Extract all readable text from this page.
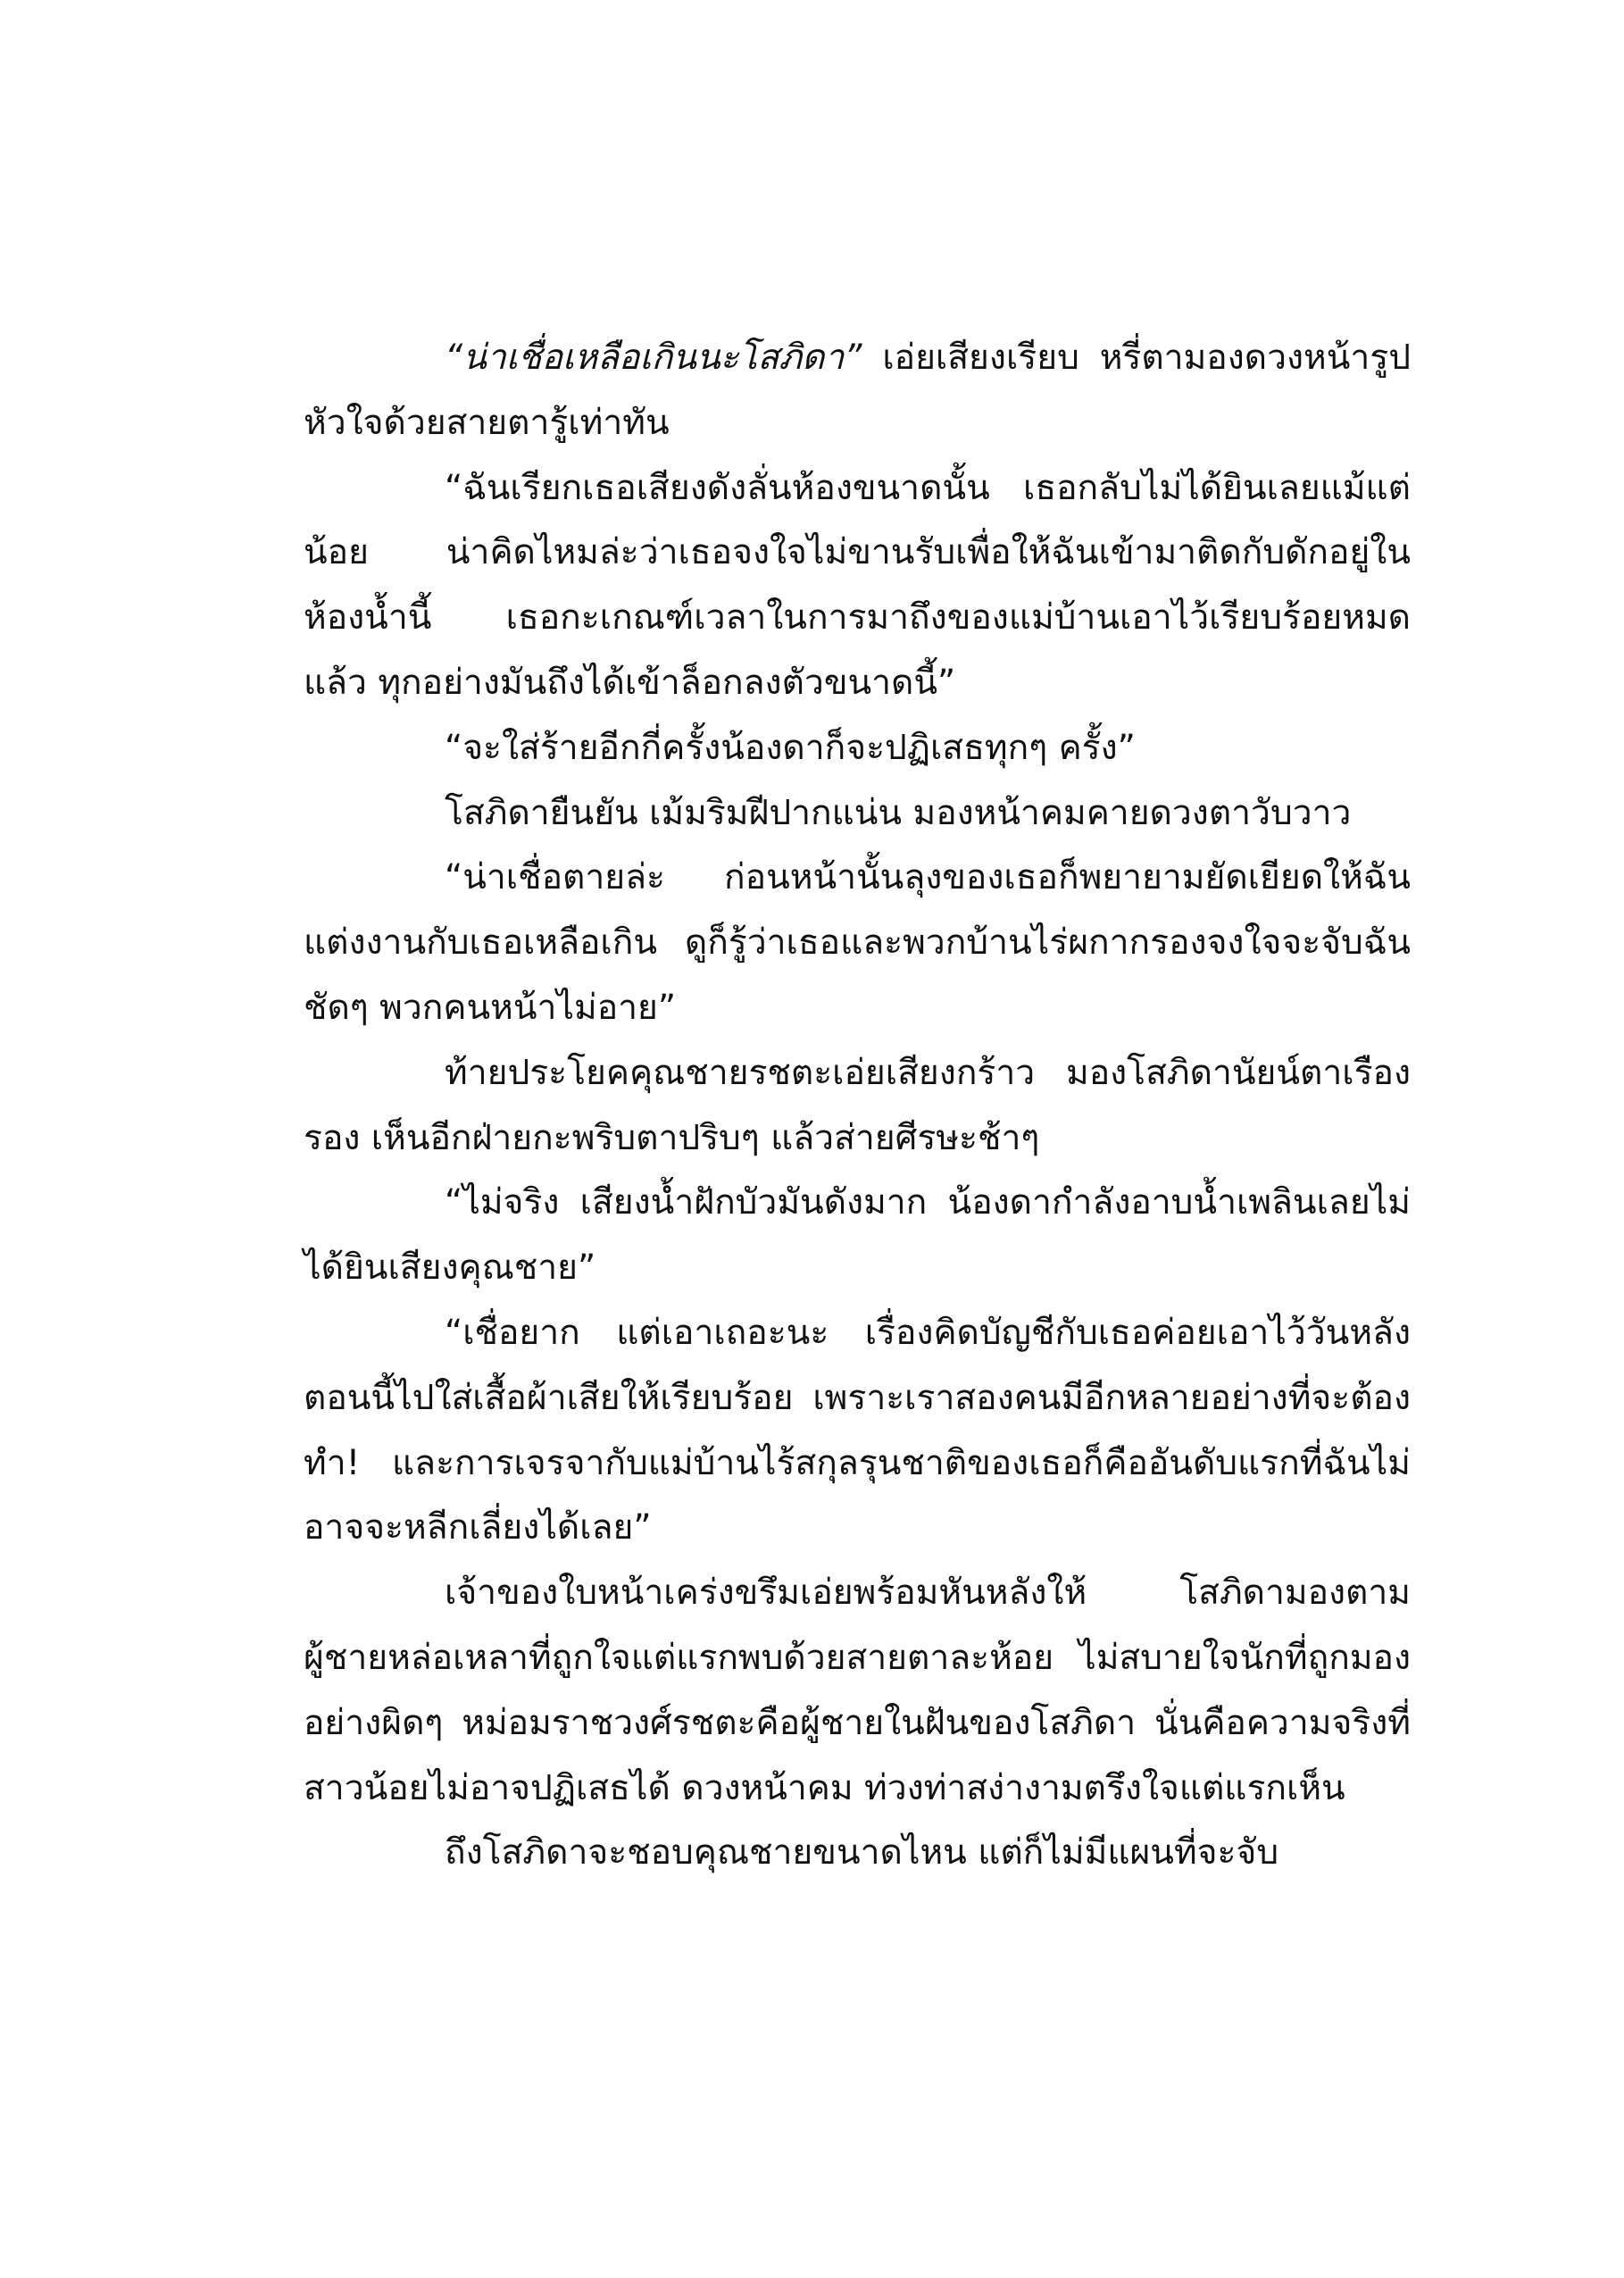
“น่าเชื่อเหลือเกินนะโสภิดา” เอ่ยเสียงเรียบ หรี่ตามองดวงหน้ารูปหัวใจด้วยสายตารู้เท่าทัน

“ฉันเรียกเธอเสียงดังลั่นห้องขนาดนั้น เธอกลับไม่ได้ยินเลยแม้แต่น้อย น่าคิดไหมล่ะว่าเธอจงใจไม่ขานรับเพื่อให้ฉันเข้ามาติดกับดักอยู่ในห้องน้ำนี้ เธอกะเกณฑ์เวลาในการมาถึงของแม่บ้านเอาไว้เรียบร้อยหมดแล้ว ทุกอย่างมันถึงได้เข้าล็อกลงตัวขนาดนี้”

“จะใส่ร้ายอีกกี่ครั้งน้องดาก็จะปฏิเสธทุกๆ ครั้ง”

โสภิดายืนยัน เม้มริมฝีปากแน่น มองหน้าคมคายดวงตาวับวาว

“น่าเชื่อตายล่ะ ก่อนหน้านั้นลุงของเธอก็พยายามยัดเยียดให้ฉันแต่งงานกับเธอเหลือเกิน ดูก็รู้ว่าเธอและพวกบ้านไร่ผกากรองจงใจจะจับฉันชัดๆ พวกคนหน้าไม่อาย”

ท้ายประโยคคุณชายรชตะเอ่ยเสียงกร้าว มองโสภิดานัยน์ตาเรืองรอง เห็นอีกฝ่ายกะพริบตาปริบๆ แล้วส่ายศีรษะช้าๆ

“ไม่จริง เสียงน้ำฝักบัวมันดังมาก น้องดากำลังอาบน้ำเพลินเลยไม่ได้ยินเสียงคุณชาย”

“เชื่อยาก แต่เอาเถอะนะ เรื่องคิดบัญชีกับเธอค่อยเอาไว้วันหลังตอนนี้ไปใส่เสื้อผ้าเสียให้เรียบร้อย เพราะเราสองคนมีอีกหลายอย่างที่จะต้องทำ! และการเจรจากับแม่บ้านไร้สกุลรุนชาติของเธอก็คืออันดับแรกที่ฉันไม่อาจจะหลีกเลี่ยงได้เลย”

เจ้าของใบหน้าเคร่งขรึมเอ่ยพร้อมหันหลังให้ โสภิดามองตามผู้ชายหล่อเหลาที่ถูกใจแต่แรกพบด้วยสายตาละห้อย ไม่สบายใจนักที่ถูกมองอย่างผิดๆ หม่อมราชวงศ์รชตะคือผู้ชายในฝันของโสภิดา นั่นคือความจริงที่สาวน้อยไม่อาจปฏิเสธได้ ดวงหน้าคม ท่วงท่าสง่างามตรึงใจแต่แรกเห็น

ถึงโสภิดาจะชอบคุณชายขนาดไหน แต่ก็ไม่มีแผนที่จะจับ
